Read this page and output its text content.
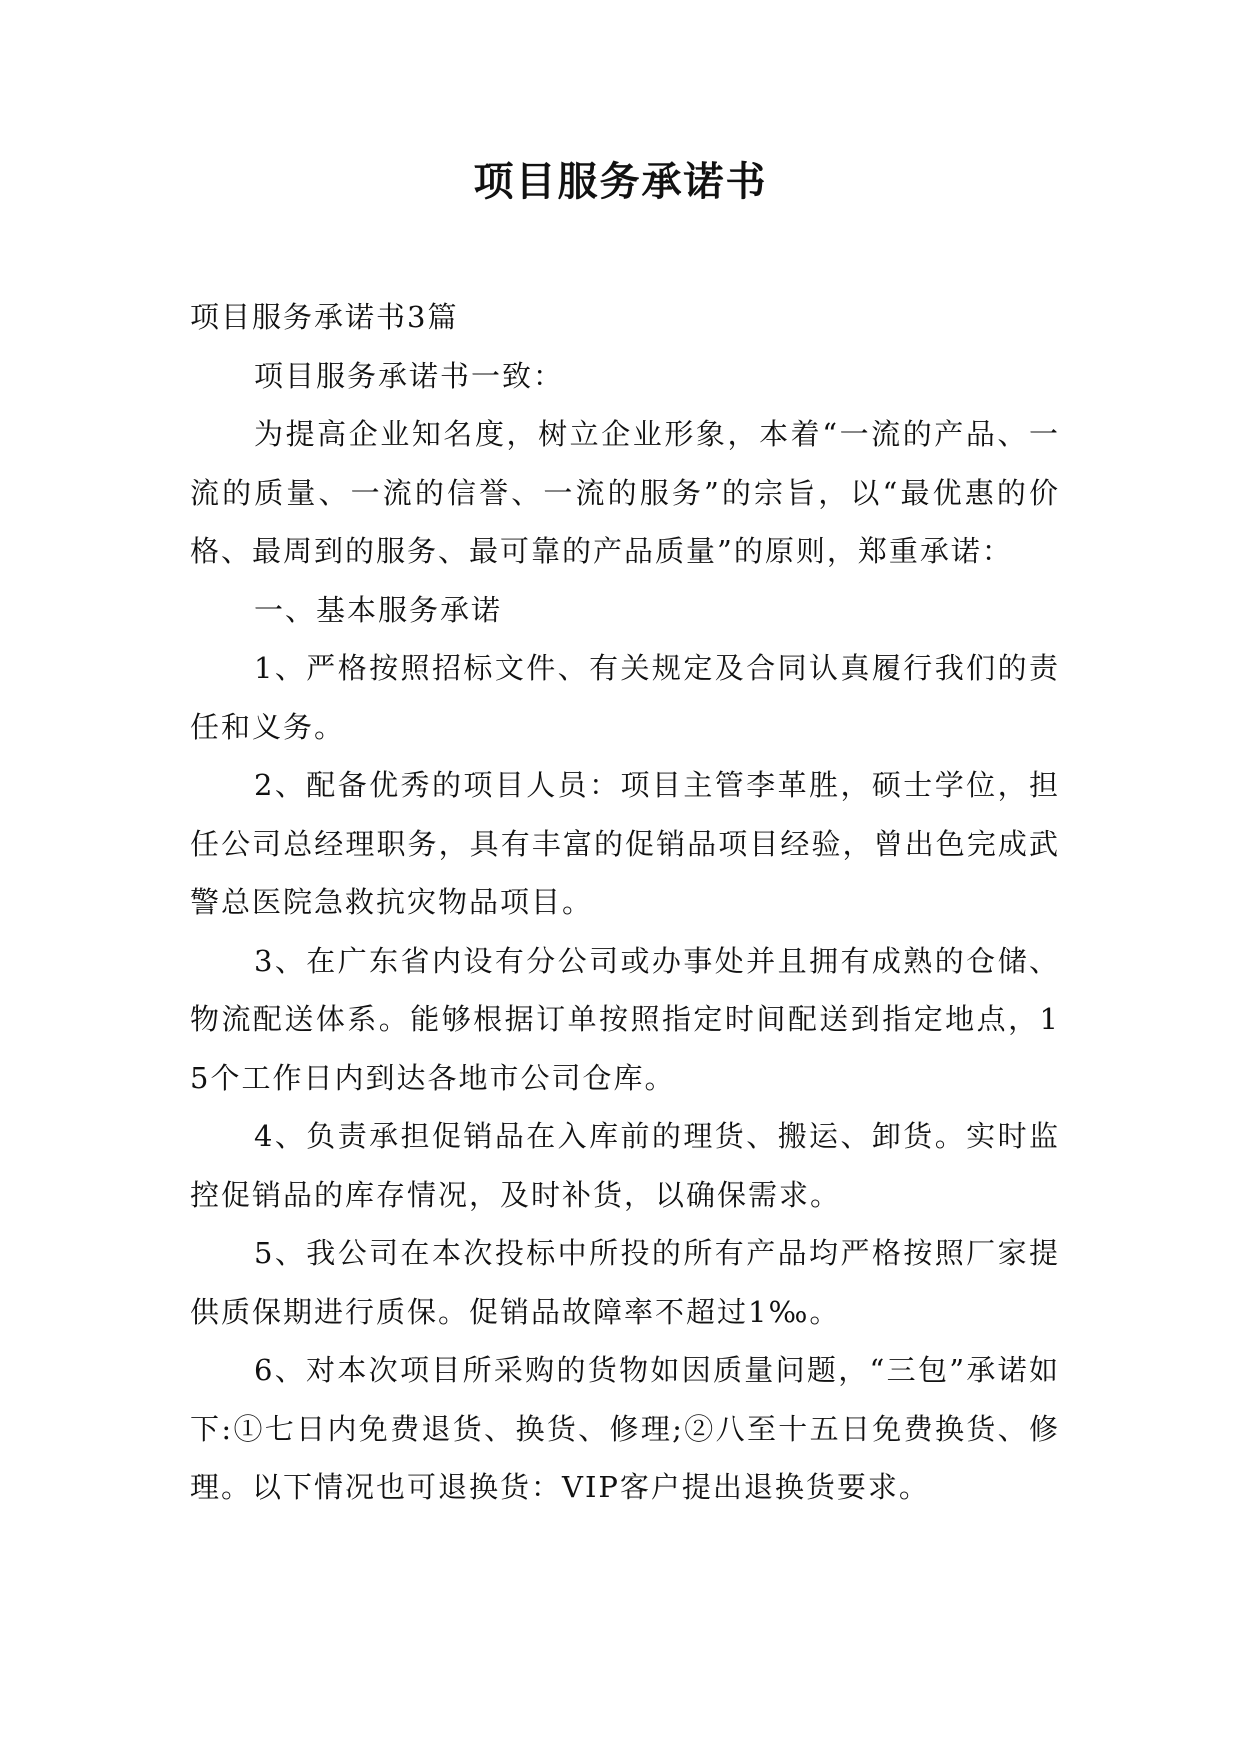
项目服务承诺书

项目服务承诺书3篇

项目服务承诺书一致：

为提高企业知名度，树立企业形象，本着“一流的产品、一流的质量、一流的信誉、一流的服务”的宗旨，以“最优惠的价格、最周到的服务、最可靠的产品质量”的原则，郑重承诺：

一、基本服务承诺

1、严格按照招标文件、有关规定及合同认真履行我们的责任和义务。

2、配备优秀的项目人员：项目主管李革胜，硕士学位，担任公司总经理职务，具有丰富的促销品项目经验，曾出色完成武警总医院急救抗灾物品项目。

3、在广东省内设有分公司或办事处并且拥有成熟的仓储、物流配送体系。能够根据订单按照指定时间配送到指定地点，15个工作日内到达各地市公司仓库。

4、负责承担促销品在入库前的理货、搬运、卸货。实时监控促销品的库存情况，及时补货，以确保需求。

5、我公司在本次投标中所投的所有产品均严格按照厂家提供质保期进行质保。促销品故障率不超过1‰。

6、对本次项目所采购的货物如因质量问题，“三包”承诺如下:①七日内免费退货、换货、修理;②八至十五日免费换货、修理。以下情况也可退换货：VIP客户提出退换货要求。
